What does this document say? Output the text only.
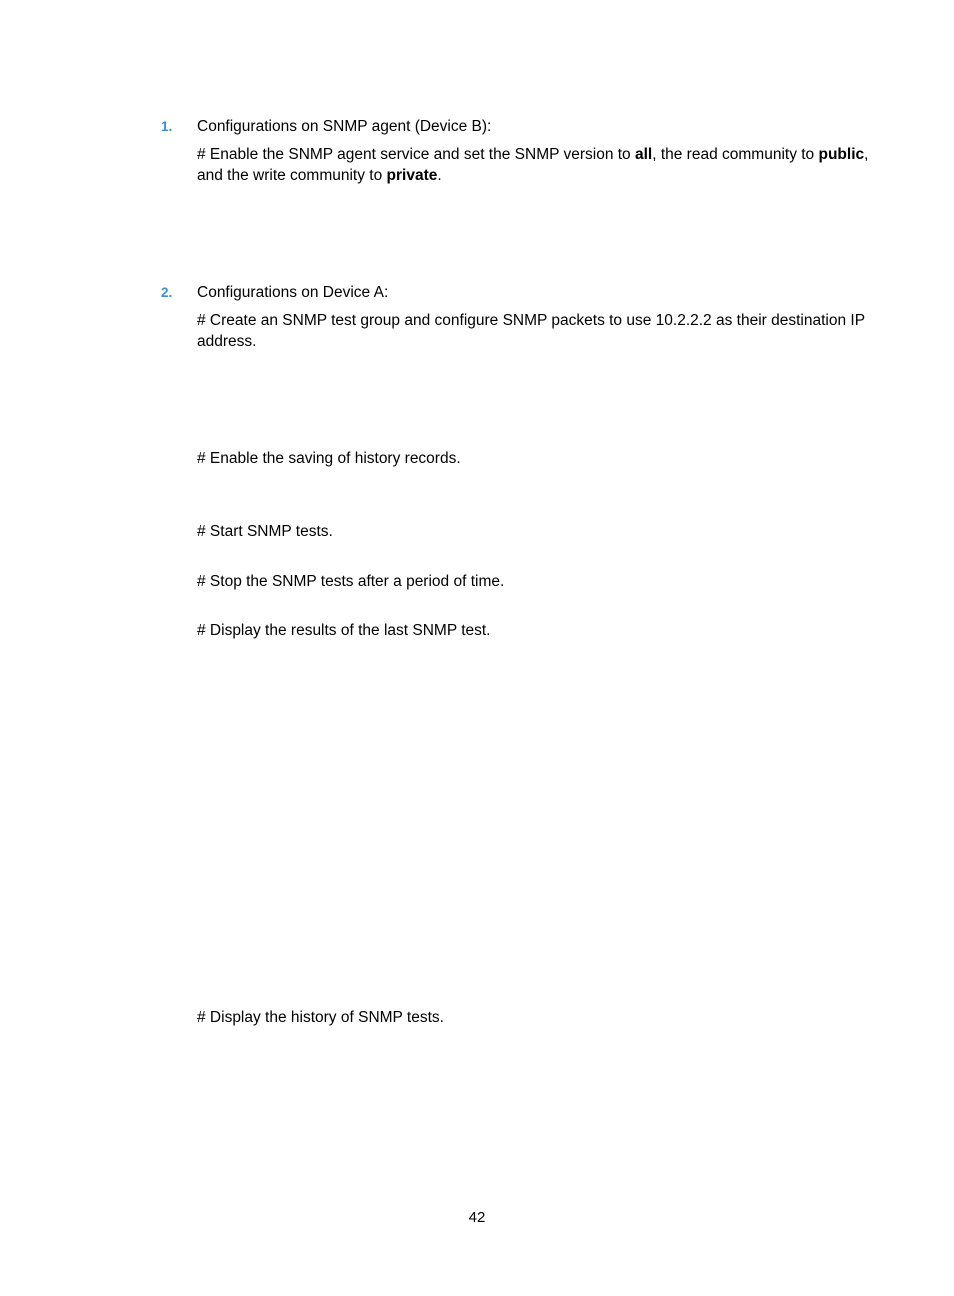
1. Configurations on SNMP agent (Device B):

# Enable the SNMP agent service and set the SNMP version to all, the read community to public, and the write community to private.

2. Configurations on Device A:

# Create an SNMP test group and configure SNMP packets to use 10.2.2.2 as their destination IP address.

# Enable the saving of history records.

# Start SNMP tests.

# Stop the SNMP tests after a period of time.

# Display the results of the last SNMP test.

# Display the history of SNMP tests.

42
